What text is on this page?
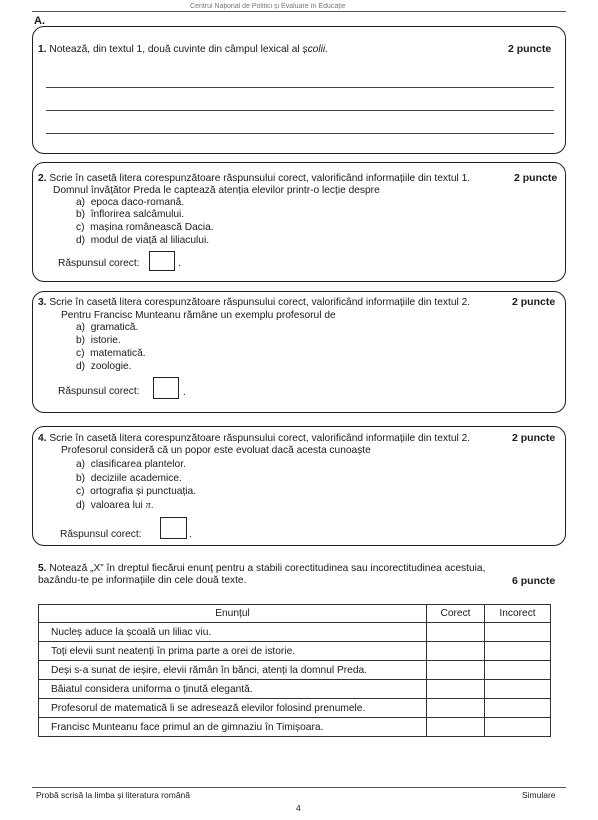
Centrul Național de Politici și Evaluare în Educație
A.
1. Notează, din textul 1, două cuvinte din câmpul lexical al școlii.	2 puncte
2. Scrie în casetă litera corespunzătoare răspunsului corect, valorificând informațiile din textul 1.	2 puncte
Domnul învățător Preda le captează atenția elevilor printr-o lecție despre
a)  epoca daco-romană.
b)  înflorirea salcâmului.
c)  mașina românească Dacia.
d)  modul de viață al liliacului.
Răspunsul corect:	.
3. Scrie în casetă litera corespunzătoare răspunsului corect, valorificând informațiile din textul 2.	2 puncte
Pentru Francisc Munteanu rămâne un exemplu profesorul de
a)  gramatică.
b)  istorie.
c)  matematică.
d)  zoologie.
Răspunsul corect:	.
4. Scrie în casetă litera corespunzătoare răspunsului corect, valorificând informațiile din textul 2.	2 puncte
Profesorul consideră că un popor este evoluat dacă acesta cunoaște
a)  clasificarea plantelor.
b)  deciziile academice.
c)  ortografia și punctuația.
d)  valoarea lui π.
Răspunsul corect:	.
5. Notează „X” în dreptul fiecărui enunț pentru a stabili corectitudinea sau incorectitudinea acestuia,
bazându-te pe informațiile din cele două texte.	6 puncte
Enunțul	Corect	Incorect
Nucleș aduce la școală un liliac viu.		
Toți elevii sunt neatenți în prima parte a orei de istorie.		
Deși s-a sunat de ieșire, elevii rămân în bănci, atenți la domnul Preda.		
Băiatul considera uniforma o ținută elegantă.		
Profesorul de matematică li se adresează elevilor folosind prenumele.		
Francisc Munteanu face primul an de gimnaziu în Timișoara.		
Probă scrisă la limba și literatura română	Simulare
4
